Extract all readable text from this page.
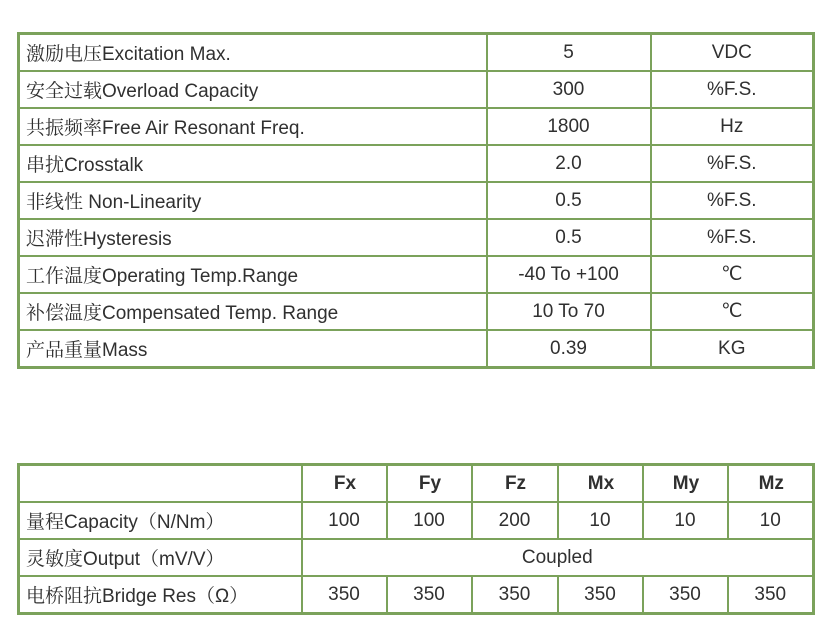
激励电压Excitation Max.	5	VDC
安全过载Overload Capacity	300	%F.S.
共振频率Free Air Resonant Freq.	1800	Hz
串扰Crosstalk	2.0	%F.S.
非线性 Non-Linearity	0.5	%F.S.
迟滞性Hysteresis	0.5	%F.S.
工作温度Operating Temp.Range	-40 To +100	℃
补偿温度Compensated Temp. Range	10 To 70	℃
产品重量Mass	0.39	KG
	Fx	Fy	Fz	Mx	My	Mz
量程Capacity（N/Nm）	100	100	200	10	10	10
灵敏度Output（mV/V）	Coupled					
电桥阻抗Bridge Res（Ω）	350	350	350	350	350	350
